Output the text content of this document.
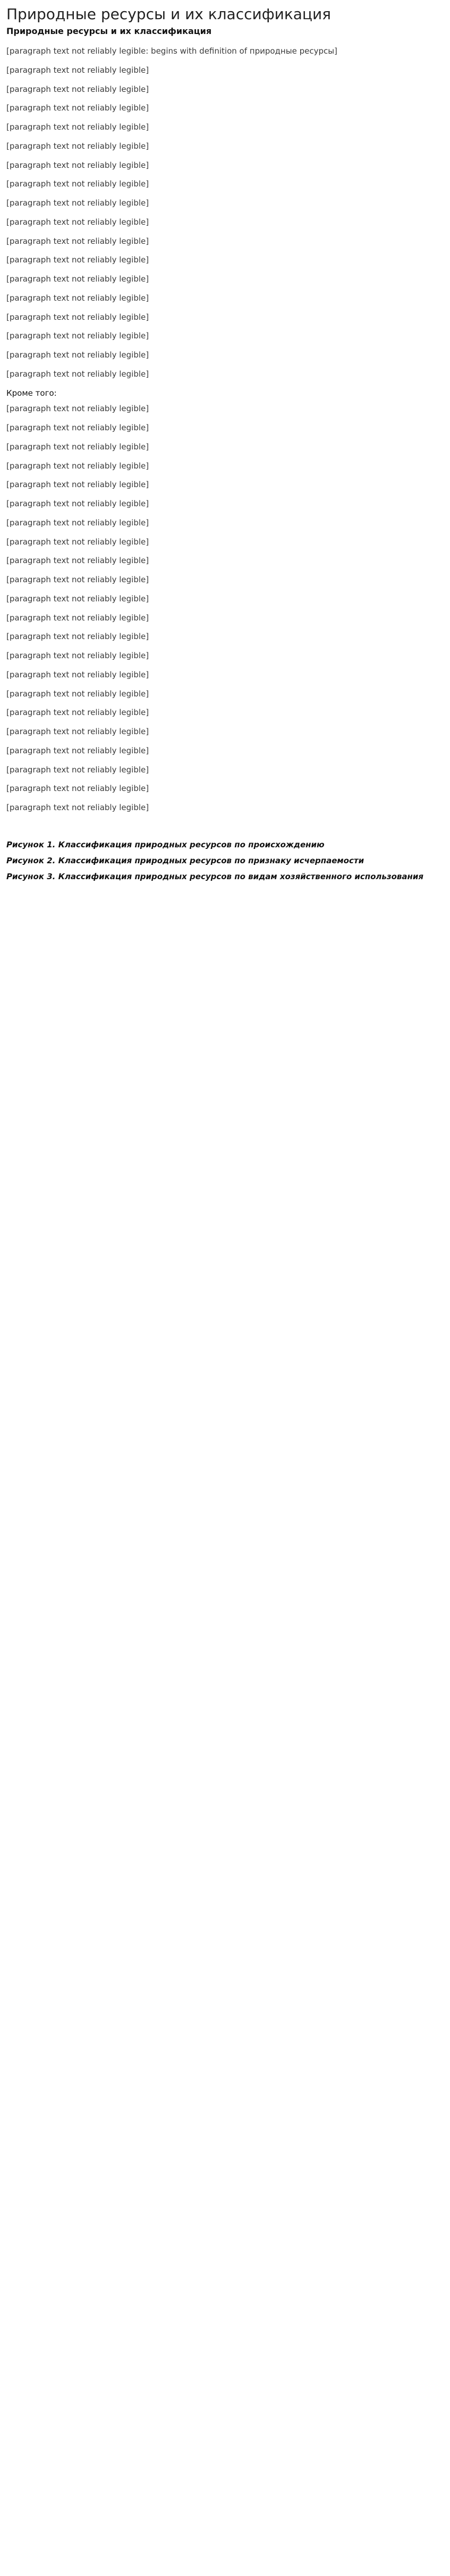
Природные ресурсы и их классификация
Природные ресурсы и их классификация
[paragraph text not reliably legible: begins with definition of природные ресурсы]
[paragraph text not reliably legible]
[paragraph text not reliably legible]
[paragraph text not reliably legible]
[paragraph text not reliably legible]
[paragraph text not reliably legible]
[paragraph text not reliably legible]
[paragraph text not reliably legible]
[paragraph text not reliably legible]
[paragraph text not reliably legible]
[paragraph text not reliably legible]
[paragraph text not reliably legible]
[paragraph text not reliably legible]
[paragraph text not reliably legible]
[paragraph text not reliably legible]
[paragraph text not reliably legible]
[paragraph text not reliably legible]
[paragraph text not reliably legible]
Кроме того:
[paragraph text not reliably legible]
[paragraph text not reliably legible]
[paragraph text not reliably legible]
[paragraph text not reliably legible]
[paragraph text not reliably legible]
[paragraph text not reliably legible]
[paragraph text not reliably legible]
[paragraph text not reliably legible]
[paragraph text not reliably legible]
[paragraph text not reliably legible]
[paragraph text not reliably legible]
[paragraph text not reliably legible]
[paragraph text not reliably legible]
[paragraph text not reliably legible]
[paragraph text not reliably legible]
[paragraph text not reliably legible]
[paragraph text not reliably legible]
[paragraph text not reliably legible]
[paragraph text not reliably legible]
[paragraph text not reliably legible]
[paragraph text not reliably legible]
[paragraph text not reliably legible]
Рисунок 1. Классификация природных ресурсов по происхождению
Рисунок 2. Классификация природных ресурсов по признаку исчерпаемости
Рисунок 3. Классификация природных ресурсов по видам хозяйственного использования
